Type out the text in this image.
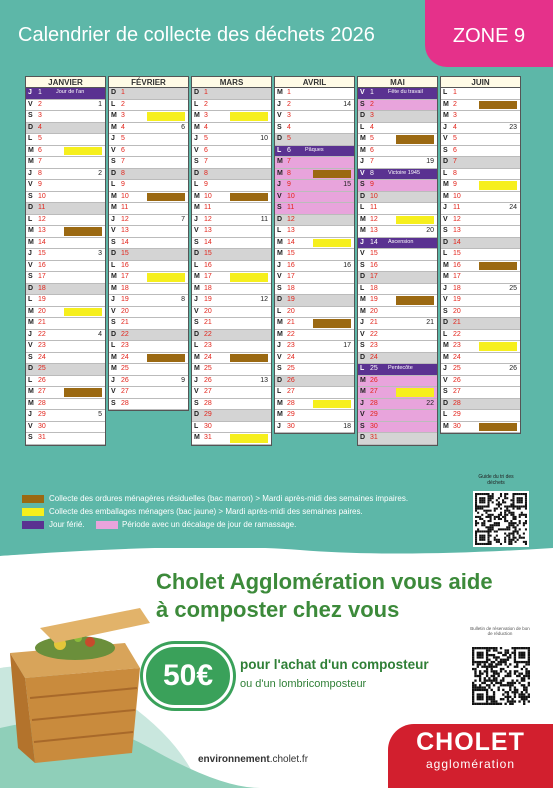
Calendrier de collecte des déchets 2026	ZONE 9
JANVIER
J 1	Jour de l'an
V 2	1
S 3
D 4
L 5
M 6
M 7
J 8	2
V 9
S 10
D 11
L 12
M 13
M 14
J 15	3
V 16
S 17
D 18
L 19
M 20
M 21
J 22	4
V 23
S 24
D 25
L 26
M 27
M 28
J 29	5
V 30
S 31
FÉVRIER
D 1
L 2
M 3
M 4	6
J 5
V 6
S 7
D 8
L 9
M 10
M 11
J 12	7
V 13
S 14
D 15
L 16
M 17
M 18
J 19	8
V 20
S 21
D 22
L 23
M 24
M 25
J 26	9
V 27
S 28
MARS
D 1
L 2
M 3
M 4
J 5	10
V 6
S 7
D 8
L 9
M 10
M 11
J 12	11
V 13
S 14
D 15
L 16
M 17
M 18
J 19	12
V 20
S 21
D 22
L 23
M 24
M 25
J 26	13
V 27
S 28
D 29
L 30
M 31
AVRIL
M 1
J 2	14
V 3
S 4
D 5
L 6	Pâques
M 7
M 8
J 9	15
V 10
S 11
D 12
L 13
M 14
M 15
J 16	16
V 17
S 18
D 19
L 20
M 21
M 22
J 23	17
V 24
S 25
D 26
L 27
M 28
M 29
J 30	18
MAI
V 1	Fête du travail
S 2
D 3
L 4
M 5
M 6
J 7	19
V 8	Victoire 1945
S 9
D 10
L 11
M 12
M 13	20
J 14 Ascension
V 15
S 16
D 17
L 18
M 19
M 20
J 21	21
V 22
S 23
D 24
L 25 Pentecôte
M 26
M 27
J 28	22
V 29
S 30
D 31
JUIN
L 1
M 2
M 3
J 4	23
V 5
S 6
D 7
L 8
M 9
M 10
J 11	24
V 12
S 13
D 14
L 15
M 16
M 17
J 18	25
V 19
S 20
D 21
L 22
M 23
M 24
J 25	26
V 26
S 27
D 28
L 29
M 30
Collecte des ordures ménagères résiduelles (bac marron) > Mardi après-midi des semaines impaires.
Collecte des emballages ménagers (bac jaune) > Mardi après-midi des semaines paires.
Jour férié.	Période avec un décalage de jour de ramassage.
Guide du tri des déchets
Cholet Agglomération vous aide
à composter chez vous
50€	pour l'achat d'un composteur
ou d'un lombricomposteur
Bulletin de réservation de bon de réduction
environnement.cholet.fr
CHOLET
agglomération
